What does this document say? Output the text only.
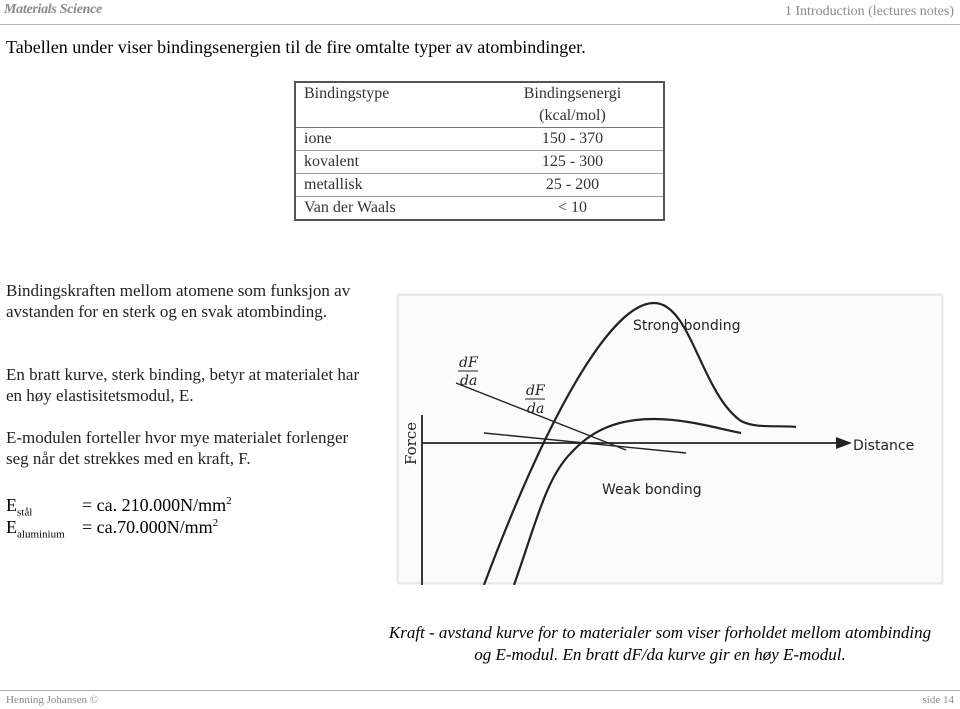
Materials Science	1 Introduction (lectures notes)
Tabellen under viser bindingsenergien til de fire omtalte typer av atombindinger.
Bindingstype	Bindingsenergi
(kcal/mol)
ione	150 - 370
kovalent	125 - 300
metallisk	25 - 200
Van der Waals	< 10
Bindingskraften mellom atomene som funksjon av avstanden for en sterk og en svak atombinding.
En bratt kurve, sterk binding, betyr at materialet har en høy elastisitetsmodul, E.
E-modulen forteller hvor mye materialet forlenger seg når det strekkes med en kraft, F.
$E_{stål}$	= ca. $210.000N/mm^2$
$E_{aluminium} = ca.70.000N/mm^2$
Strong bonding
Weak bonding
Distance
Force
dF
da
dF
da
Kraft - avstand kurve for to materialer som viser forholdet mellom atombinding og E-modul. En bratt dF/da kurve gir en høy E-modul.
Henning Johansen ©	side 14
